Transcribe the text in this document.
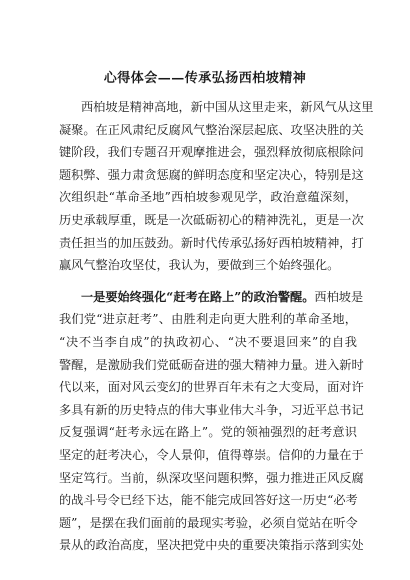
心得体会——传承弘扬西柏坡精神
西柏坡是精神高地，新中国从这里走来，新风气从这里
凝聚。在正风肃纪反腐风气整治深层起底、攻坚决胜的关
键阶段，我们专题召开观摩推进会，强烈释放彻底根除问
题积弊、强力肃贪惩腐的鲜明态度和坚定决心，特别是这
次组织赴“革命圣地”西柏坡参观见学，政治意蕴深刻，
历史承载厚重，既是一次砥砺初心的精神洗礼，更是一次
责任担当的加压鼓劲。新时代传承弘扬好西柏坡精神，打
赢风气整治攻坚仗，我认为，要做到三个始终强化。
一是要始终强化“赶考在路上”的政治警醒。西柏坡是
我们党“进京赶考”、由胜利走向更大胜利的革命圣地，
“决不当李自成”的执政初心、“决不要退回来”的自我
警醒，是激励我们党砥砺奋进的强大精神力量。进入新时
代以来，面对风云变幻的世界百年未有之大变局，面对许
多具有新的历史特点的伟大事业伟大斗争，习近平总书记
反复强调“赶考永远在路上”。党的领袖强烈的赶考意识
坚定的赶考决心，令人景仰，值得尊崇。信仰的力量在于
坚定笃行。当前，纵深攻坚问题积弊，强力推进正风反腐
的战斗号令已经下达，能不能完成回答好这一历史“必考
题”，是摆在我们面前的最现实考验，必须自觉站在听令
景从的政治高度，坚决把党中央的重要决策指示落到实处
